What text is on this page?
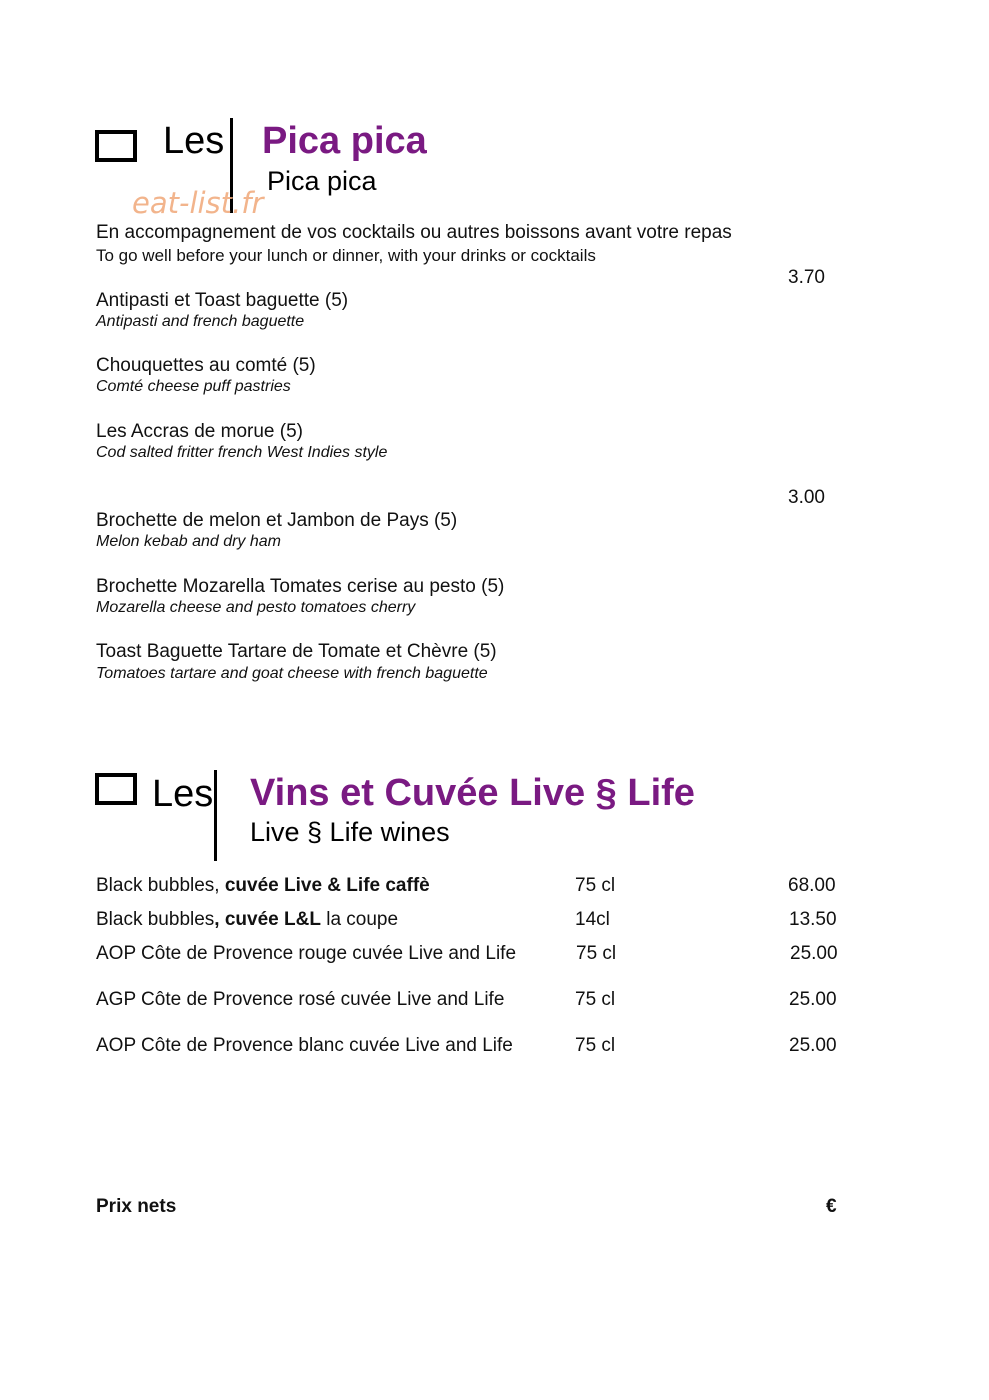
Les Pica pica
Pica pica
eat-list.fr
En accompagnement de vos cocktails ou autres boissons avant votre repas
To go well before your lunch or dinner, with your drinks or cocktails
3.70
Antipasti et Toast baguette (5)
Antipasti and french baguette
Chouquettes au comté (5)
Comté cheese puff pastries
Les Accras de morue (5)
Cod salted fritter french West Indies style
3.00
Brochette de melon et Jambon de Pays (5)
Melon kebab and dry ham
Brochette Mozarella Tomates cerise au pesto (5)
Mozarella cheese and pesto tomatoes cherry
Toast Baguette Tartare de Tomate et Chèvre (5)
Tomatoes tartare and goat cheese with french baguette
Les Vins et Cuvée Live § Life
Live § Life wines
Black bubbles, cuvée Live & Life caffè	75 cl	68.00
Black bubbles, cuvée L&L la coupe	14cl	13.50
AOP Côte de Provence rouge cuvée Live and Life	75 cl	25.00
AGP Côte de Provence rosé cuvée Live and Life	75 cl	25.00
AOP Côte de Provence blanc cuvée Live and Life	75 cl	25.00
Prix nets	€
